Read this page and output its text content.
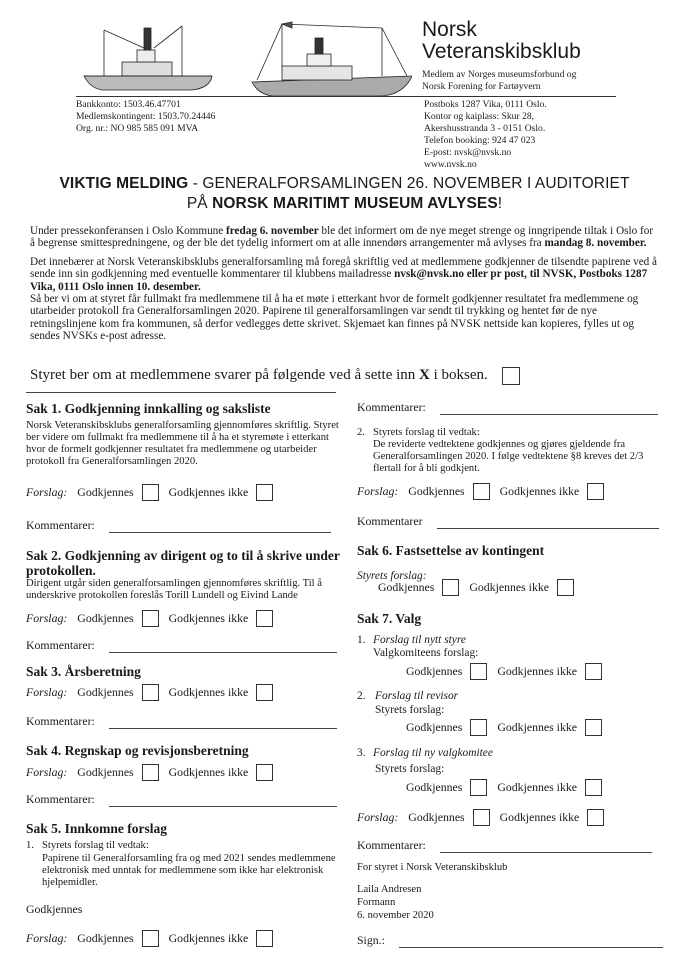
Norsk
Veteranskibsklub
Medlem av Norges museumsforbund og
Norsk Forening for Fartøyvern
Bankkonto: 1503.46.47701
Medlemskontingent: 1503.70.24446
Org. nr.: NO 985 585 091 MVA
Postboks 1287 Vika, 0111 Oslo.
Kontor og kaiplass: Skur 28,
Akershusstranda 3 - 0151 Oslo.
Telefon booking: 924 47 023
E-post: nvsk@nvsk.no
www.nvsk.no
VIKTIG MELDING - GENERALFORSAMLINGEN 26. NOVEMBER I AUDITORIET
PÅ NORSK MARITIMT MUSEUM AVLYSES!

Under pressekonferansen i Oslo Kommune fredag 6. november ble det informert om de nye meget strenge og inngripende tiltak i Oslo for å begrense smittespredningene, og der ble det tydelig informert om at alle innendørs arrangementer må avlyses fra mandag 8. november.

Det innebærer at Norsk Veteranskibsklubs generalforsamling må foregå skriftlig ved at medlemmene godkjenner de tilsendte papirene ved å sende inn sin godkjenning med eventuelle kommentarer til klubbens mailadresse nvsk@nvsk.no eller pr post, til NVSK, Postboks 1287 Vika, 0111 Oslo innen 10. desember.

Så ber vi om at styret får fullmakt fra medlemmene til å ha et møte i etterkant hvor de formelt godkjenner resultatet fra medlemmene og utarbeider protokoll fra Generalforsamlingen 2020. Papirene til generalforsamlingen var sendt til trykking og hentet før de nye retningslinjene kom fra kommunen, så derfor vedlegges dette skrivet. Skjemaet kan finnes på NVSK nettside kan kopieres, fylles ut og sendes NVSKs e-post adresse.

Styret ber om at medlemmene svarer på følgende ved å sette inn X i boksen.
Sak 1. Godkjenning innkalling og saksliste
Norsk Veteranskibsklubs generalforsamling gjennomføres skriftlig. Styret ber videre om fullmakt fra medlemmene til å ha et styremøte i etterkant hvor de formelt godkjenner resultatet fra medlemmene og utarbeider protokoll fra Generalforsamlingen 2020.
Forslag: Godkjennes	Godkjennes ikke
Kommentarer:
Sak 2. Godkjenning av dirigent og to til å skrive under protokollen.
Dirigent utgår siden generalforsamlingen gjennomføres skriftlig. Til å underskrive protokollen foreslås Torill Lundell og Eivind Lande
Forslag: Godkjennes	Godkjennes ikke
Kommentarer:
Sak 3. Årsberetning
Forslag: Godkjennes	Godkjennes ikke
Kommentarer:
Sak 4. Regnskap og revisjonsberetning
Forslag: Godkjennes	Godkjennes ikke
Kommentarer:
Sak 5. Innkomne forslag
1. Styrets forslag til vedtak:
Papirene til Generalforsamling fra og med 2021 sendes medlemmene elektronisk med unntak for medlemmene som ikke har elektronisk hjelpemidler.
Godkjennes
Forslag: Godkjennes	Godkjennes ikke
Kommentarer:
2. Styrets forslag til vedtak:
De reviderte vedtektene godkjennes og gjøres gjeldende fra Generalforsamlingen 2020. I følge vedtektene §8 kreves det 2/3 flertall for å bli godkjent.
Forslag: Godkjennes	Godkjennes ikke
Kommentarer
Sak 6. Fastsettelse av kontingent
Styrets forslag:
Godkjennes	Godkjennes ikke
Sak 7. Valg
1. Forslag til nytt styre
Valgkomiteens forslag:
Godkjennes	Godkjennes ikke
2. Forslag til revisor
Styrets forslag:
Godkjennes	Godkjennes ikke
3. Forslag til ny valgkomitee
Styrets forslag:
Godkjennes	Godkjennes ikke
Forslag: Godkjennes	Godkjennes ikke
Kommentarer:
For styret i Norsk Veteranskibsklub
Laila Andresen
Formann
6. november 2020
Sign.:
